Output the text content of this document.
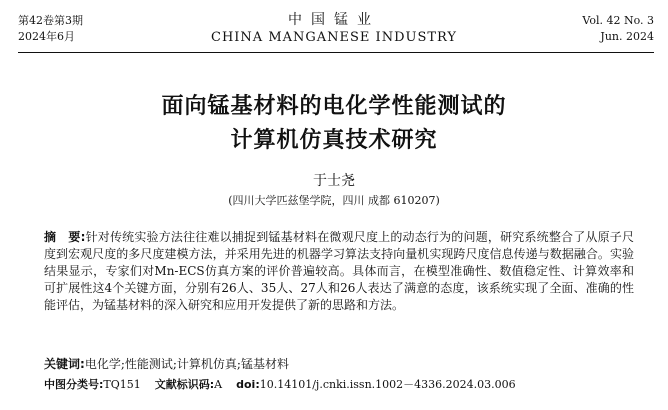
第42卷第3期
2024年6月
中国锰业
CHINA MANGANESE INDUSTRY
Vol. 42 No. 3
Jun. 2024
面向锰基材料的电化学性能测试的
计算机仿真技术研究
于士尧
(四川大学匹兹堡学院，四川 成都 610207)
摘　要:针对传统实验方法往往难以捕捉到锰基材料在微观尺度上的动态行为的问题，研究系统整合了从原子尺度到宏观尺度的多尺度建模方法，并采用先进的机器学习算法支持向量机实现跨尺度信息传递与数据融合。实验结果显示，专家们对Mn-ECS仿真方案的评价普遍较高。具体而言，在模型准确性、数值稳定性、计算效率和可扩展性这4个关键方面，分别有26人、35人、27人和26人表达了满意的态度，该系统实现了全面、准确的性能评估，为锰基材料的深入研究和应用开发提供了新的思路和方法。
关键词:电化学;性能测试;计算机仿真;锰基材料
中图分类号:TQ151 文献标识码:A doi:10.14101/j.cnki.issn.1002－4336.2024.03.006
